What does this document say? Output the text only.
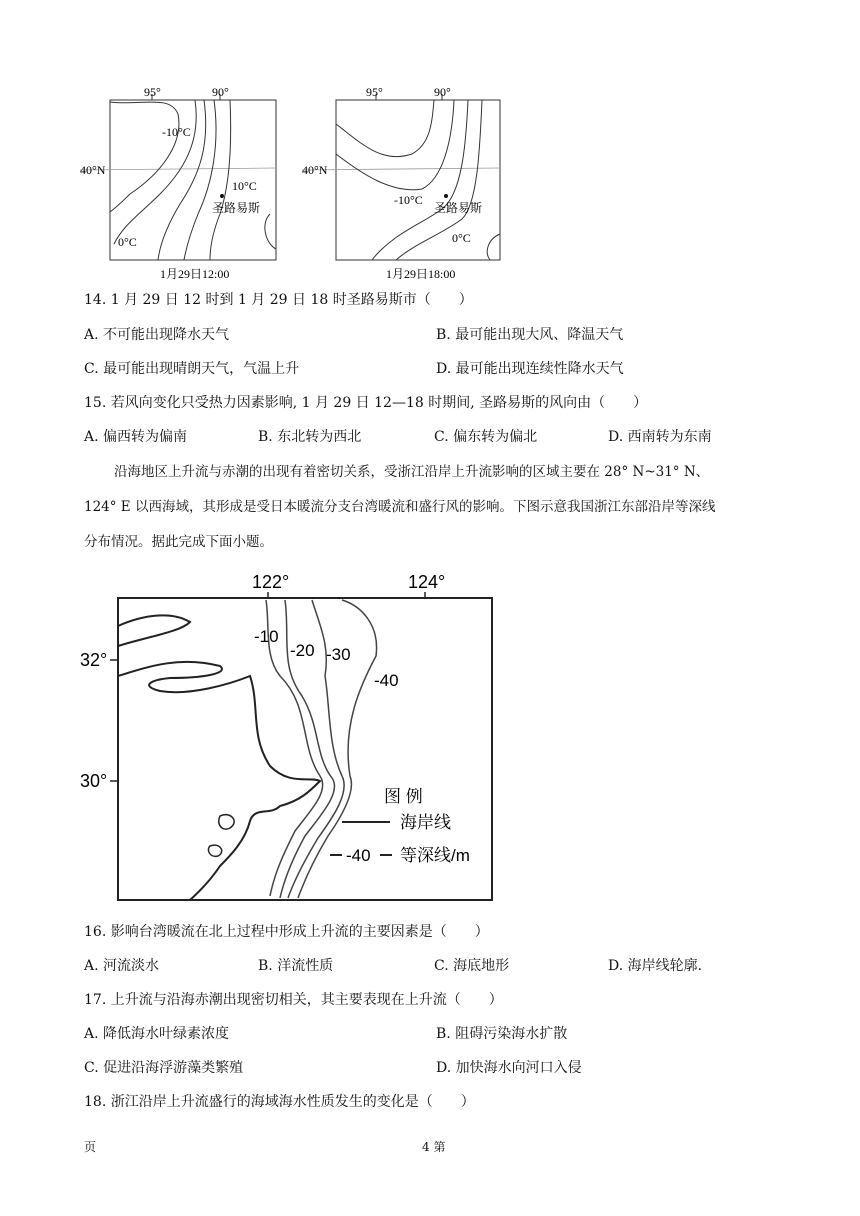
95°	90°
40°N
-10°C
10°C
圣路易斯
0°C
1月29日12:00
95°	90°
40°N
-10°C
圣路易斯
0°C
1月29日18:00
14. 1 月 29 日 12 时到 1 月 29 日 18 时圣路易斯市（　　）
A. 不可能出现降水天气	B. 最可能出现大风、降温天气
C. 最可能出现晴朗天气，气温上升	D. 最可能出现连续性降水天气
15. 若风向变化只受热力因素影响, 1 月 29 日 12—18 时期间, 圣路易斯的风向由（　　）
A. 偏西转为偏南	B. 东北转为西北	C. 偏东转为偏北	D. 西南转为东南
沿海地区上升流与赤潮的出现有着密切关系，受浙江沿岸上升流影响的区域主要在 28° N~31° N、
124° E 以西海域，其形成是受日本暖流分支台湾暖流和盛行风的影响。下图示意我国浙江东部沿岸等深线
分布情况。据此完成下面小题。
122°	124°
32°
30°
-10
-20 -30
-40
图 例
海岸线
-40 等深线/m
16. 影响台湾暖流在北上过程中形成上升流的主要因素是（　　）
A. 河流淡水	B. 洋流性质	C. 海底地形	D. 海岸线轮廓.
17. 上升流与沿海赤潮出现密切相关，其主要表现在上升流（　　）
A. 降低海水叶绿素浓度	B. 阻碍污染海水扩散
C. 促进沿海浮游藻类繁殖	D. 加快海水向河口入侵
18. 浙江沿岸上升流盛行的海域海水性质发生的变化是（　　）
页	4 第
